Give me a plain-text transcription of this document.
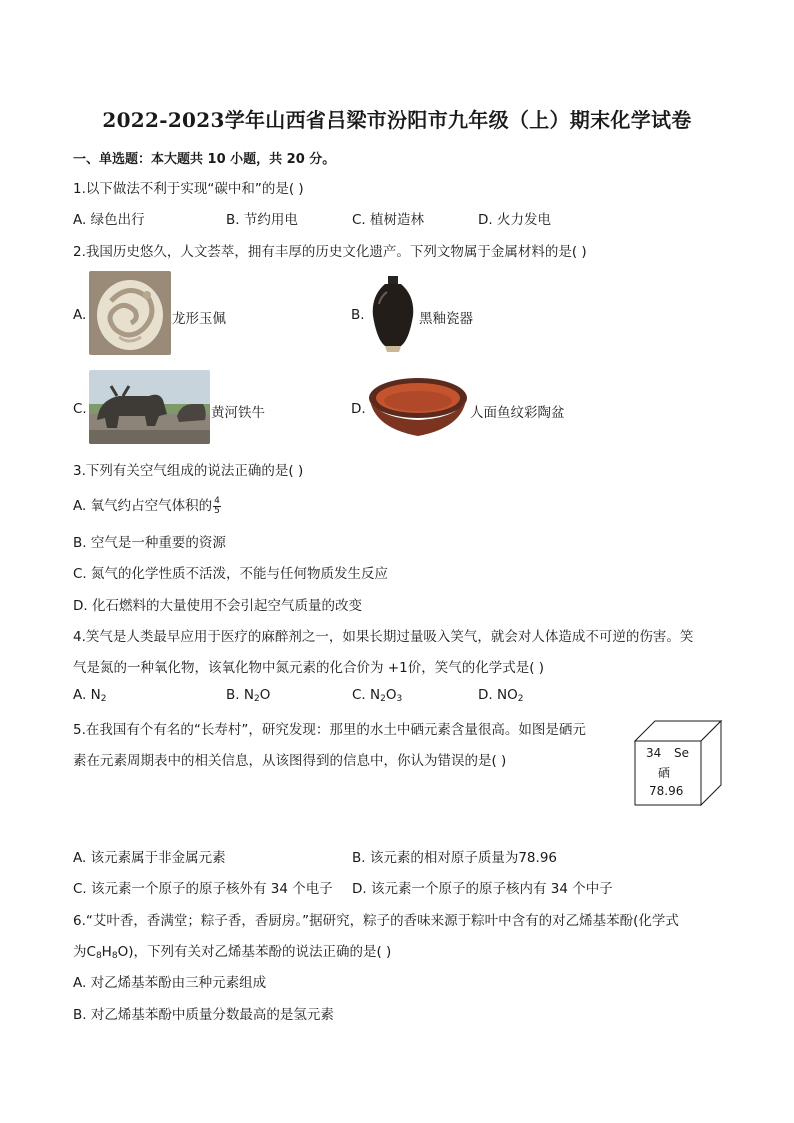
2022-2023学年山西省吕梁市汾阳市九年级（上）期末化学试卷
一、单选题：本大题共 10 小题，共 20 分。
1.以下做法不利于实现“碳中和”的是( )
A. 绿色出行	B. 节约用电	C. 植树造林	D. 火力发电
2.我国历史悠久，人文荟萃，拥有丰厚的历史文化遗产。下列文物属于金属材料的是( )
A.	龙形玉佩	B.	黑釉瓷器
C.	黄河铁牛	D.	人面鱼纹彩陶盆
3.下列有关空气组成的说法正确的是( )
A. 氧气约占空气体积的 $\frac{4}{5}$
B. 空气是一种重要的资源
C. 氮气的化学性质不活泼，不能与任何物质发生反应
D. 化石燃料的大量使用不会引起空气质量的改变
4.笑气是人类最早应用于医疗的麻醉剂之一，如果长期过量吸入笑气，就会对人体造成不可逆的伤害。笑
气是氮的一种氧化物，该氧化物中氮元素的化合价为 +1价，笑气的化学式是( )
A. $N_2$	B. $N_2O$	C. $N_2O_3$	D. $NO_2$
5.在我国有个有名的“长寿村”，研究发现：那里的水土中硒元素含量很高。如图是硒元
素在元素周期表中的相关信息，从该图得到的信息中，你认为错误的是( )	34 Se
硒
78.96
A. 该元素属于非金属元素	B. 该元素的相对原子质量为78.96
C. 该元素一个原子的原子核外有 34 个电子 D. 该元素一个原子的原子核内有 34 个中子
6.“艾叶香，香满堂；粽子香，香厨房。”据研究，粽子的香味来源于粽叶中含有的对乙烯基苯酚(化学式
为$C_8H_8O$)，下列有关对乙烯基苯酚的说法正确的是( )
A. 对乙烯基苯酚由三种元素组成
B. 对乙烯基苯酚中质量分数最高的是氢元素
